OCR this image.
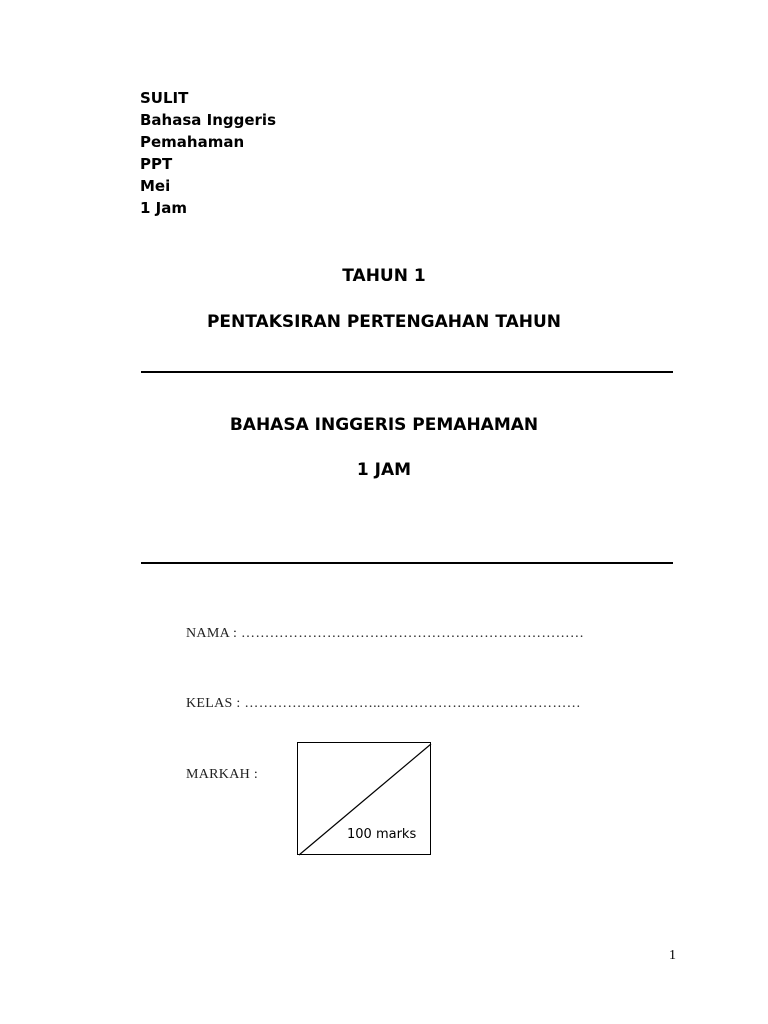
SULIT
Bahasa Inggeris
Pemahaman
PPT
Mei
1 Jam
TAHUN 1
PENTAKSIRAN PERTENGAHAN TAHUN
BAHASA INGGERIS PEMAHAMAN
1 JAM
NAMA : ………………………………………………………………
KELAS : ………………………..……………………………………
MARKAH :
100 marks
1
